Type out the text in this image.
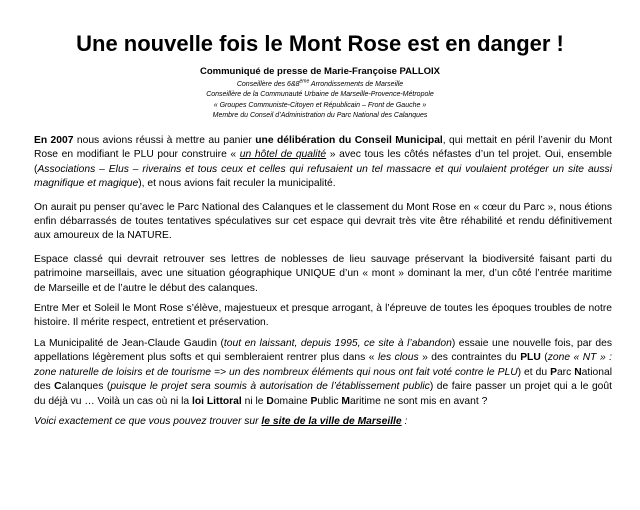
Une nouvelle fois le Mont Rose est en danger !
Communiqué de presse de Marie-Françoise PALLOIX
Conseillère des 6&8ème Arrondissements de Marseille
Conseillère de la Communauté Urbaine de Marseille-Provence-Métropole
« Groupes Communiste-Citoyen et Républicain – Front de Gauche »
Membre du Conseil d’Administration du Parc National des Calanques

En 2007 nous avions réussi à mettre au panier une délibération du Conseil Municipal, qui mettait en péril l’avenir du Mont Rose en modifiant le PLU pour construire « un hôtel de qualité » avec tous les côtés néfastes d’un tel projet. Oui, ensemble (Associations – Elus – riverains et tous ceux et celles qui refusaient un tel massacre et qui voulaient protéger un site aussi magnifique et magique), et nous avions fait reculer la municipalité.

On aurait pu penser qu’avec le Parc National des Calanques et le classement du Mont Rose en « cœur du Parc », nous étions enfin débarrassés de toutes tentatives spéculatives sur cet espace qui devrait très vite être réhabilité et rendu définitivement aux amoureux de la NATURE.

Espace classé qui devrait retrouver ses lettres de noblesses de lieu sauvage préservant la biodiversité faisant parti du patrimoine marseillais, avec une situation géographique UNIQUE d’un « mont » dominant la mer, d’un côté l’entrée maritime de Marseille et de l’autre le début des calanques.

Entre Mer et Soleil le Mont Rose s’élève, majestueux et presque arrogant, à l’épreuve de toutes les époques troubles de notre histoire. Il mérite respect, entretient et préservation.

La Municipalité de Jean-Claude Gaudin (tout en laissant, depuis 1995, ce site à l’abandon) essaie une nouvelle fois, par des appellations légèrement plus softs et qui sembleraient rentrer plus dans « les clous » des contraintes du PLU (zone « NT » : zone naturelle de loisirs et de tourisme => un des nombreux éléments qui nous ont fait voté contre le PLU) et du Parc National des Calanques (puisque le projet sera soumis à autorisation de l’établissement public) de faire passer un projet qui a le goût du déjà vu … Voilà un cas où ni la loi Littoral ni le Domaine Public Maritime ne sont mis en avant ?

Voici exactement ce que vous pouvez trouver sur le site de la ville de Marseille :
